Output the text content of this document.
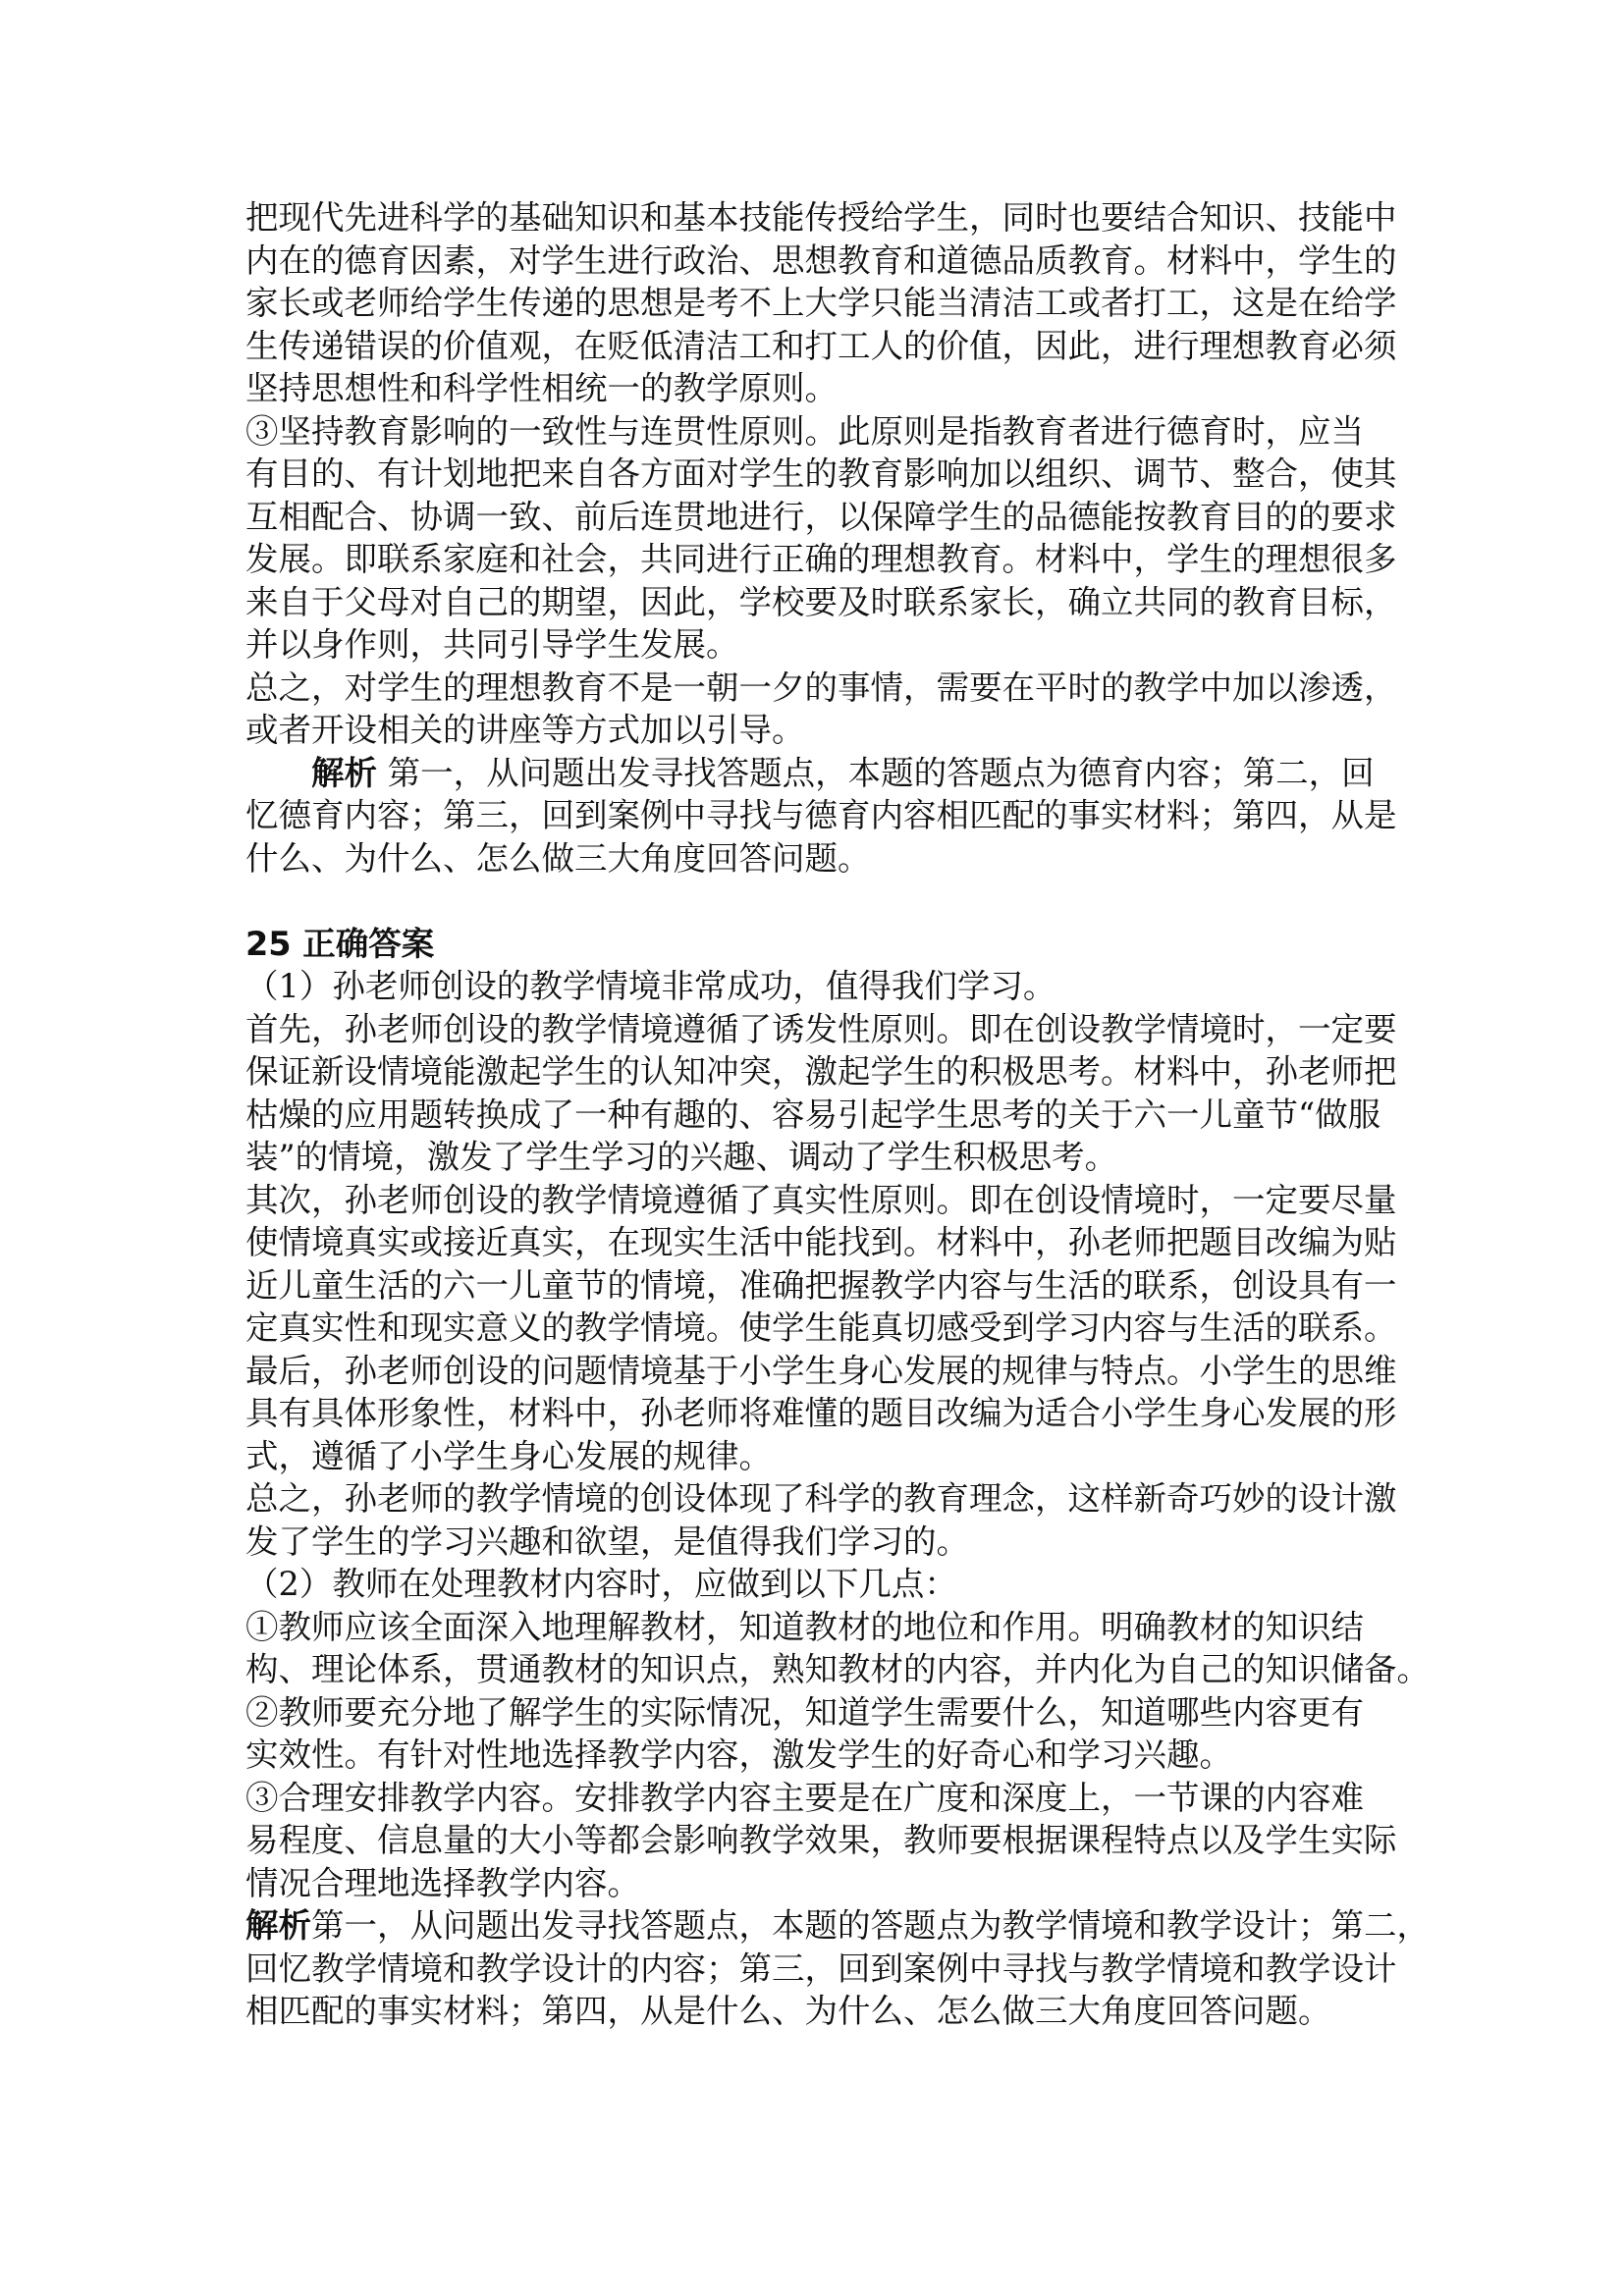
把现代先进科学的基础知识和基本技能传授给学生，同时也要结合知识、技能中
内在的德育因素，对学生进行政治、思想教育和道德品质教育。材料中，学生的
家长或老师给学生传递的思想是考不上大学只能当清洁工或者打工，这是在给学
生传递错误的价值观，在贬低清洁工和打工人的价值，因此，进行理想教育必须
坚持思想性和科学性相统一的教学原则。
③坚持教育影响的一致性与连贯性原则。此原则是指教育者进行德育时，应当
有目的、有计划地把来自各方面对学生的教育影响加以组织、调节、整合，使其
互相配合、协调一致、前后连贯地进行，以保障学生的品德能按教育目的的要求
发展。即联系家庭和社会，共同进行正确的理想教育。材料中，学生的理想很多
来自于父母对自己的期望，因此，学校要及时联系家长，确立共同的教育目标，
并以身作则，共同引导学生发展。
总之，对学生的理想教育不是一朝一夕的事情，需要在平时的教学中加以渗透，
或者开设相关的讲座等方式加以引导。
解析 第一，从问题出发寻找答题点，本题的答题点为德育内容；第二，回
忆德育内容；第三，回到案例中寻找与德育内容相匹配的事实材料；第四，从是
什么、为什么、怎么做三大角度回答问题。
25 正确答案
（1）孙老师创设的教学情境非常成功，值得我们学习。
首先，孙老师创设的教学情境遵循了诱发性原则。即在创设教学情境时，一定要
保证新设情境能激起学生的认知冲突，激起学生的积极思考。材料中，孙老师把
枯燥的应用题转换成了一种有趣的、容易引起学生思考的关于六一儿童节“做服
装”的情境，激发了学生学习的兴趣、调动了学生积极思考。
其次，孙老师创设的教学情境遵循了真实性原则。即在创设情境时，一定要尽量
使情境真实或接近真实，在现实生活中能找到。材料中，孙老师把题目改编为贴
近儿童生活的六一儿童节的情境，准确把握教学内容与生活的联系，创设具有一
定真实性和现实意义的教学情境。使学生能真切感受到学习内容与生活的联系。
最后，孙老师创设的问题情境基于小学生身心发展的规律与特点。小学生的思维
具有具体形象性，材料中，孙老师将难懂的题目改编为适合小学生身心发展的形
式，遵循了小学生身心发展的规律。
总之，孙老师的教学情境的创设体现了科学的教育理念，这样新奇巧妙的设计激
发了学生的学习兴趣和欲望，是值得我们学习的。
（2）教师在处理教材内容时，应做到以下几点：
①教师应该全面深入地理解教材，知道教材的地位和作用。明确教材的知识结
构、理论体系，贯通教材的知识点，熟知教材的内容，并内化为自己的知识储备。
②教师要充分地了解学生的实际情况，知道学生需要什么，知道哪些内容更有
实效性。有针对性地选择教学内容，激发学生的好奇心和学习兴趣。
③合理安排教学内容。安排教学内容主要是在广度和深度上，一节课的内容难
易程度、信息量的大小等都会影响教学效果，教师要根据课程特点以及学生实际
情况合理地选择教学内容。
解析第一，从问题出发寻找答题点，本题的答题点为教学情境和教学设计；第二，
回忆教学情境和教学设计的内容；第三，回到案例中寻找与教学情境和教学设计
相匹配的事实材料；第四，从是什么、为什么、怎么做三大角度回答问题。
